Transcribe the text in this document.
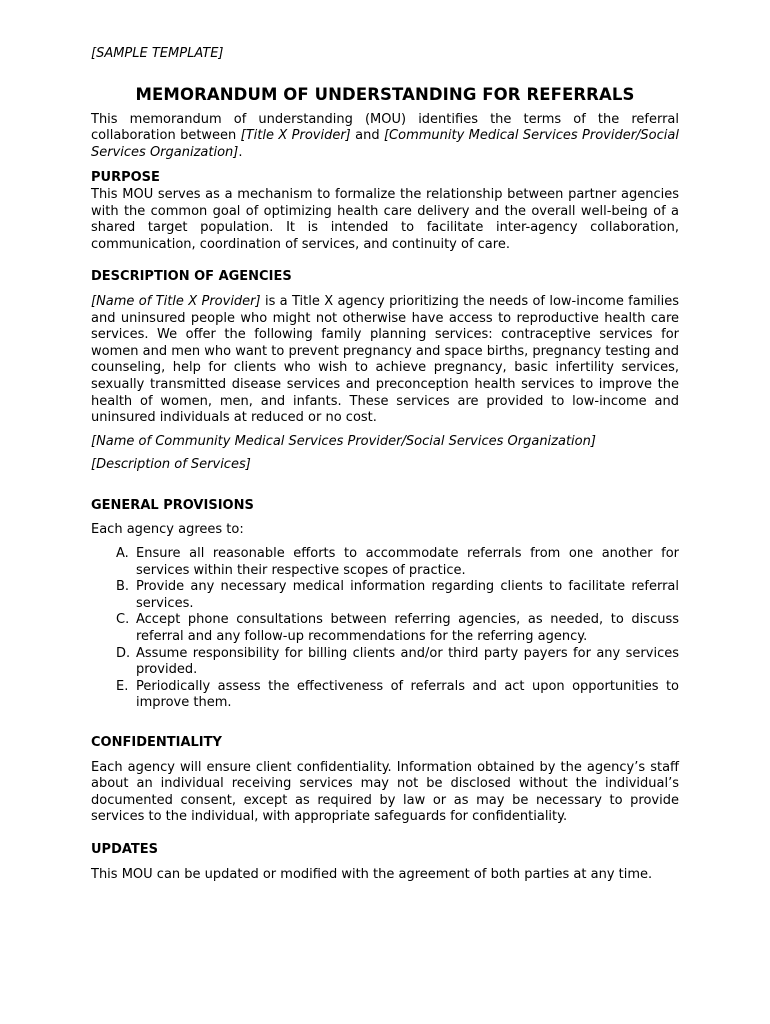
[SAMPLE TEMPLATE]

MEMORANDUM OF UNDERSTANDING FOR REFERRALS

This memorandum of understanding (MOU) identifies the terms of the referral collaboration between [Title X Provider] and [Community Medical Services Provider/Social Services Organization].

PURPOSE

This MOU serves as a mechanism to formalize the relationship between partner agencies with the common goal of optimizing health care delivery and the overall well-being of a shared target population. It is intended to facilitate inter-agency collaboration, communication, coordination of services, and continuity of care.

DESCRIPTION OF AGENCIES

[Name of Title X Provider] is a Title X agency prioritizing the needs of low-income families and uninsured people who might not otherwise have access to reproductive health care services. We offer the following family planning services: contraceptive services for women and men who want to prevent pregnancy and space births, pregnancy testing and counseling, help for clients who wish to achieve pregnancy, basic infertility services, sexually transmitted disease services and preconception health services to improve the health of women, men, and infants. These services are provided to low-income and uninsured individuals at reduced or no cost.

[Name of Community Medical Services Provider/Social Services Organization]

[Description of Services]

GENERAL PROVISIONS

Each agency agrees to:

A. Ensure all reasonable efforts to accommodate referrals from one another for services within their respective scopes of practice.
B. Provide any necessary medical information regarding clients to facilitate referral services.
C. Accept phone consultations between referring agencies, as needed, to discuss referral and any follow-up recommendations for the referring agency.
D. Assume responsibility for billing clients and/or third party payers for any services provided.
E. Periodically assess the effectiveness of referrals and act upon opportunities to improve them.
CONFIDENTIALITY

Each agency will ensure client confidentiality. Information obtained by the agency’s staff about an individual receiving services may not be disclosed without the individual’s documented consent, except as required by law or as may be necessary to provide services to the individual, with appropriate safeguards for confidentiality.

UPDATES

This MOU can be updated or modified with the agreement of both parties at any time.
